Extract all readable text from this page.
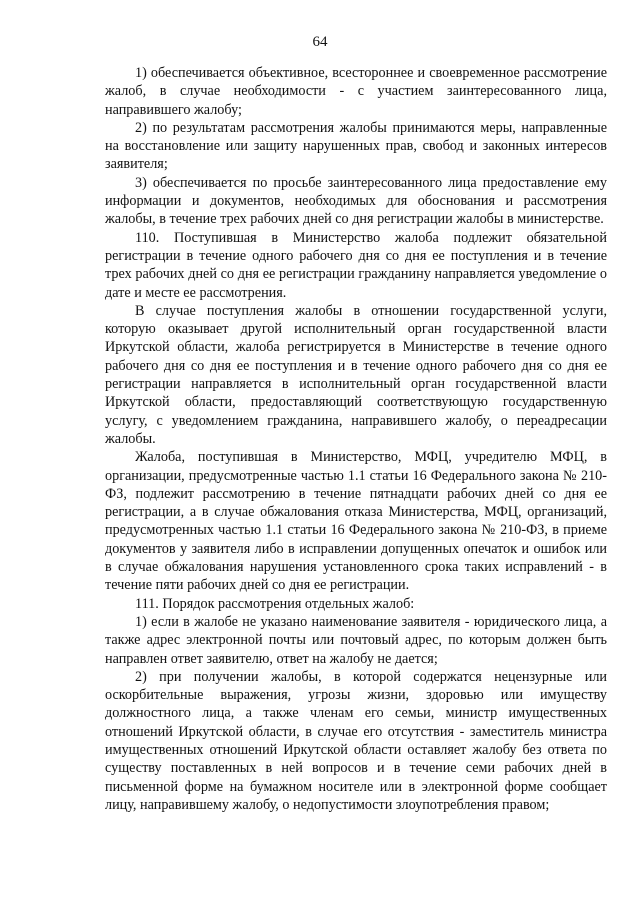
64

1) обеспечивается объективное, всестороннее и своевременное рассмотрение жалоб, в случае необходимости - с участием заинтересованного лица, направившего жалобу;

2) по результатам рассмотрения жалобы принимаются меры, направленные на восстановление или защиту нарушенных прав, свобод и законных интересов заявителя;

3) обеспечивается по просьбе заинтересованного лица предоставление ему информации и документов, необходимых для обоснования и рассмотрения жалобы, в течение трех рабочих дней со дня регистрации жалобы в министерстве.

110. Поступившая в Министерство жалоба подлежит обязательной регистрации в течение одного рабочего дня со дня ее поступления и в течение трех рабочих дней со дня ее регистрации гражданину направляется уведомление о дате и месте ее рассмотрения.

В случае поступления жалобы в отношении государственной услуги, которую оказывает другой исполнительный орган государственной власти Иркутской области, жалоба регистрируется в Министерстве в течение одного рабочего дня со дня ее поступления и в течение одного рабочего дня со дня ее регистрации направляется в исполнительный орган государственной власти Иркутской области, предоставляющий соответствующую государственную услугу, с уведомлением гражданина, направившего жалобу, о переадресации жалобы.

Жалоба, поступившая в Министерство, МФЦ, учредителю МФЦ, в организации, предусмотренные частью 1.1 статьи 16 Федерального закона № 210-ФЗ, подлежит рассмотрению в течение пятнадцати рабочих дней со дня ее регистрации, а в случае обжалования отказа Министерства, МФЦ, организаций, предусмотренных частью 1.1 статьи 16 Федерального закона № 210-ФЗ, в приеме документов у заявителя либо в исправлении допущенных опечаток и ошибок или в случае обжалования нарушения установленного срока таких исправлений - в течение пяти рабочих дней со дня ее регистрации.

111. Порядок рассмотрения отдельных жалоб:

1) если в жалобе не указано наименование заявителя - юридического лица, а также адрес электронной почты или почтовый адрес, по которым должен быть направлен ответ заявителю, ответ на жалобу не дается;

2) при получении жалобы, в которой содержатся нецензурные или оскорбительные выражения, угрозы жизни, здоровью или имуществу должностного лица, а также членам его семьи, министр имущественных отношений Иркутской области, в случае его отсутствия - заместитель министра имущественных отношений Иркутской области оставляет жалобу без ответа по существу поставленных в ней вопросов и в течение семи рабочих дней в письменной форме на бумажном носителе или в электронной форме сообщает лицу, направившему жалобу, о недопустимости злоупотребления правом;
